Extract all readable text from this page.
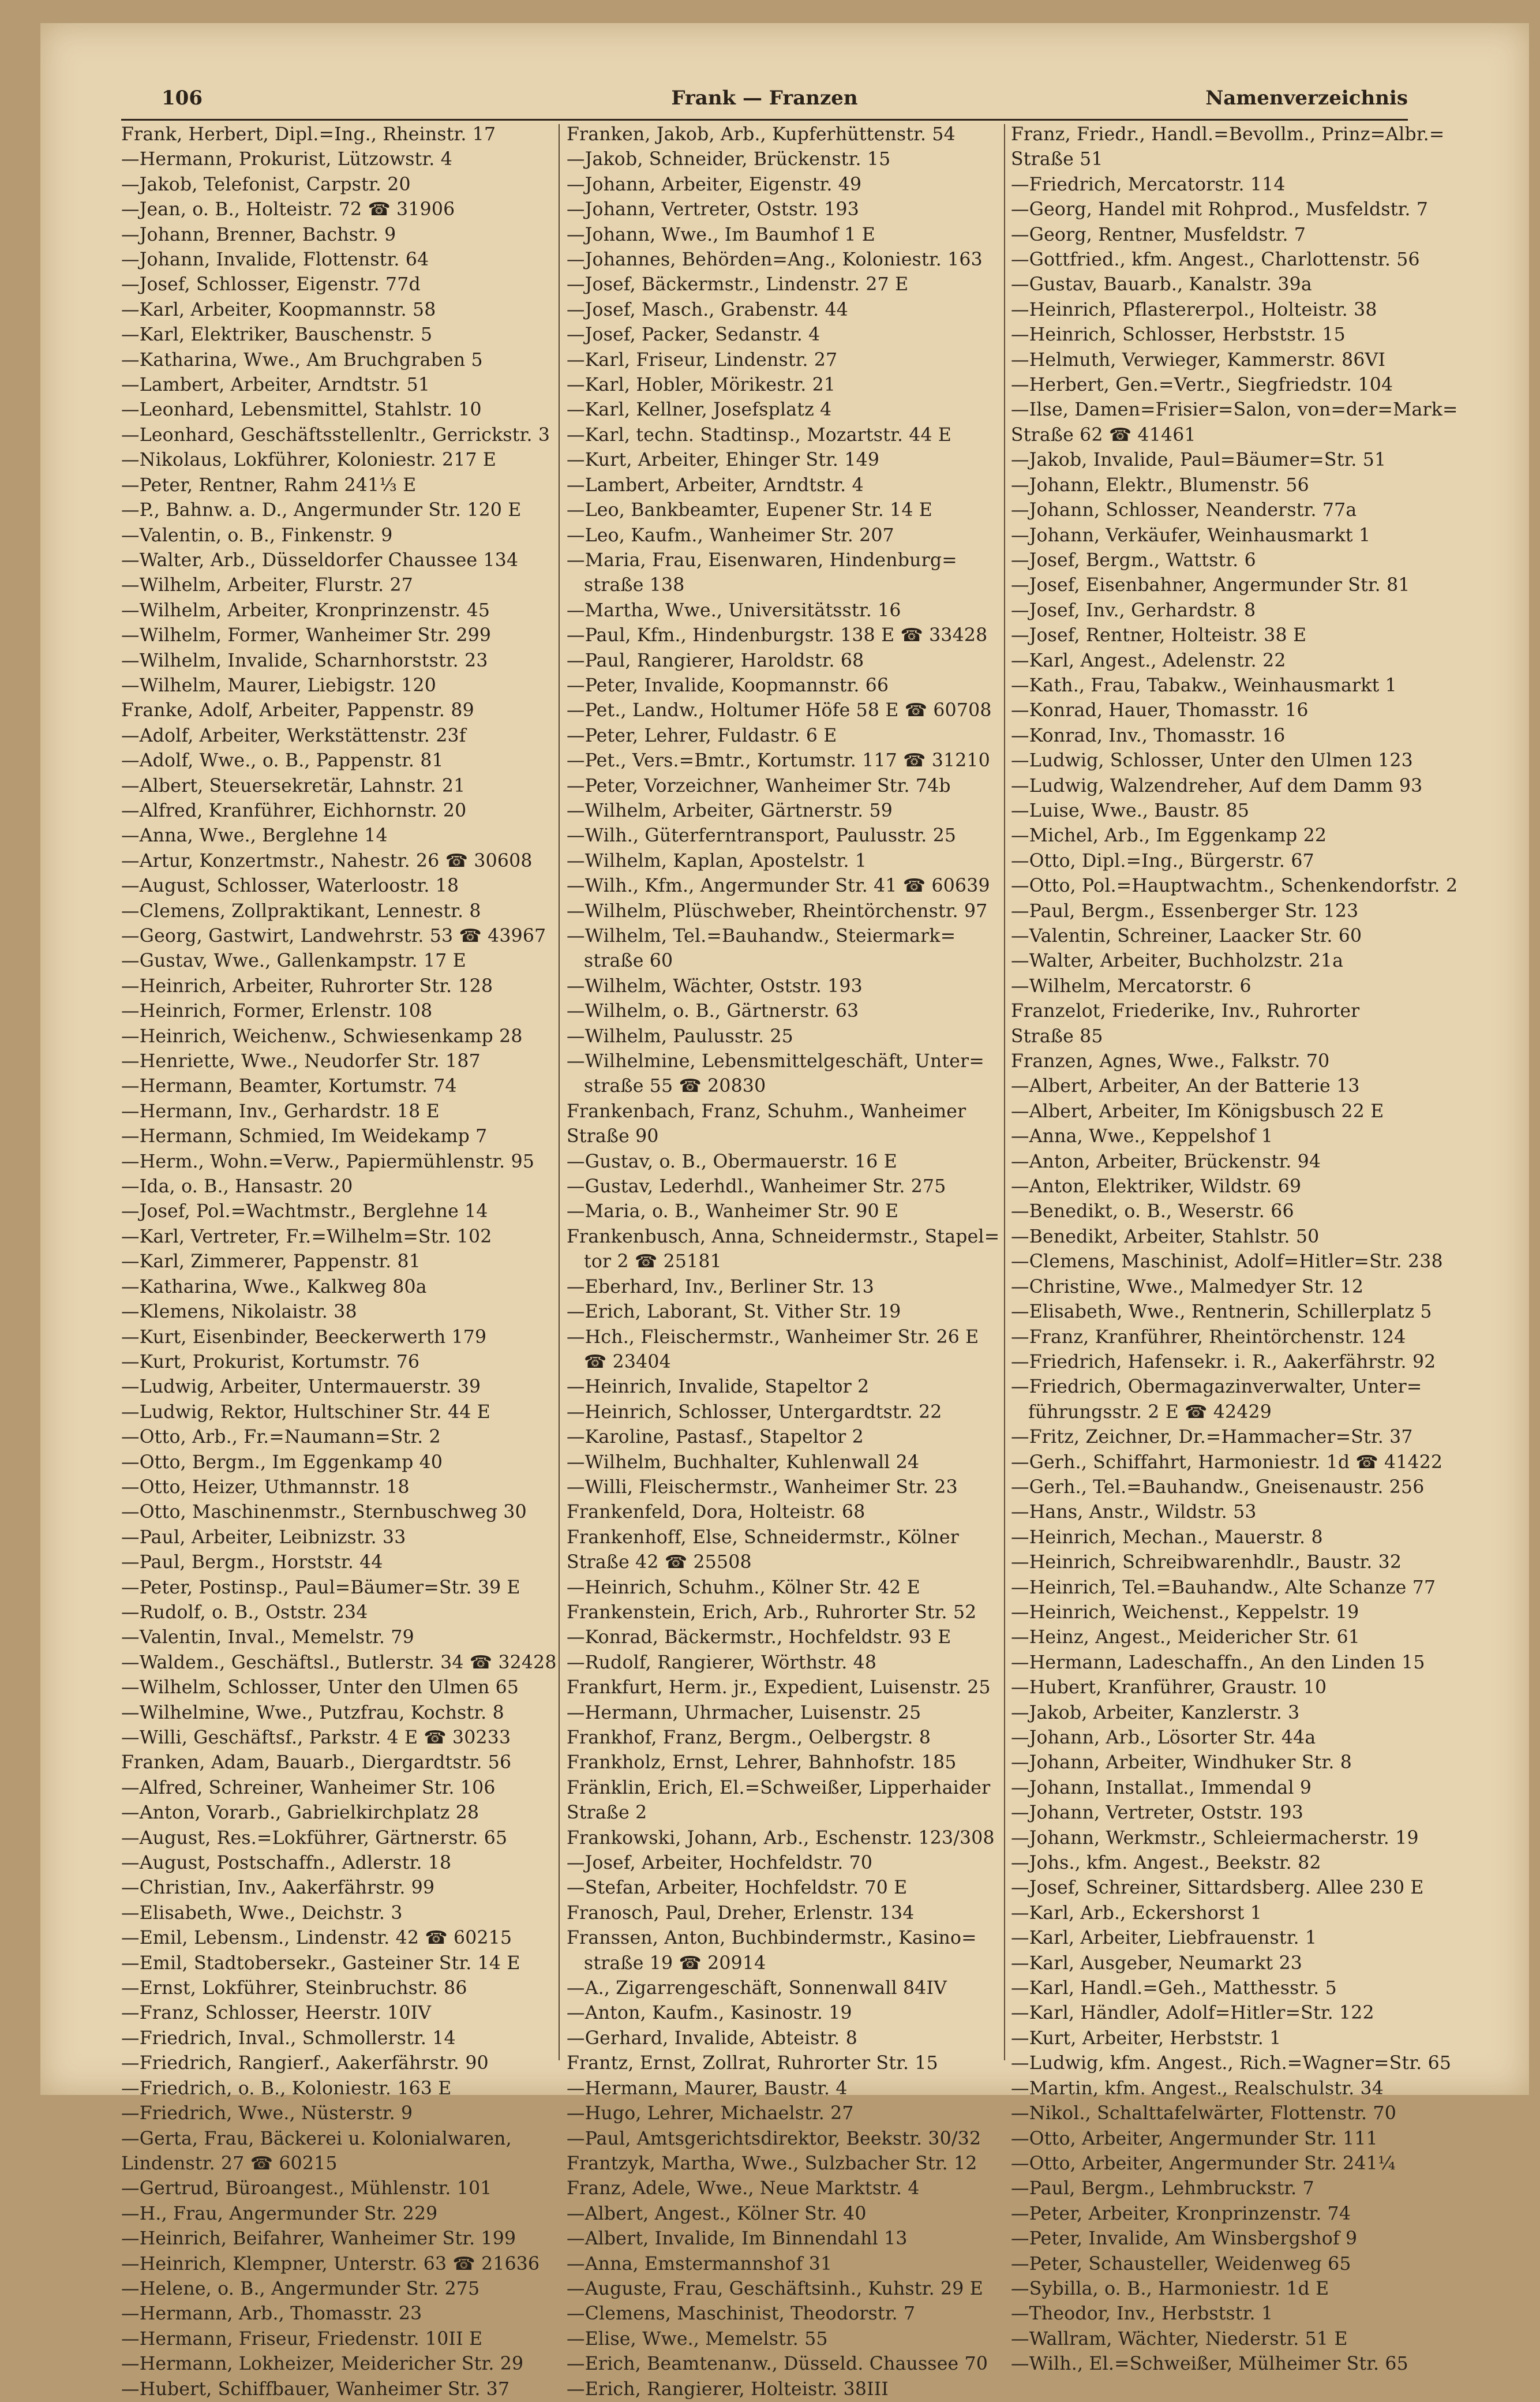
106	Frank — Franzen	Namenverzeichnis
Frank, Herbert, Dipl.=Ing., Rheinstr. 17
—Hermann, Prokurist, Lützowstr. 4
—Jakob, Telefonist, Carpstr. 20
—Jean, o. B., Holteistr. 72 ☎ 31906
—Johann, Brenner, Bachstr. 9
—Johann, Invalide, Flottenstr. 64
—Josef, Schlosser, Eigenstr. 77d
—Karl, Arbeiter, Koopmannstr. 58
—Karl, Elektriker, Bauschenstr. 5
—Katharina, Wwe., Am Bruchgraben 5
—Lambert, Arbeiter, Arndtstr. 51
—Leonhard, Lebensmittel, Stahlstr. 10
—Leonhard, Geschäftsstellenltr., Gerrickstr. 3
—Nikolaus, Lokführer, Koloniestr. 217 E
—Peter, Rentner, Rahm 241⅓ E
—P., Bahnw. a. D., Angermunder Str. 120 E
—Valentin, o. B., Finkenstr. 9
—Walter, Arb., Düsseldorfer Chaussee 134
—Wilhelm, Arbeiter, Flurstr. 27
—Wilhelm, Arbeiter, Kronprinzenstr. 45
—Wilhelm, Former, Wanheimer Str. 299
—Wilhelm, Invalide, Scharnhorststr. 23
—Wilhelm, Maurer, Liebigstr. 120
Franke, Adolf, Arbeiter, Pappenstr. 89
—Adolf, Arbeiter, Werkstättenstr. 23f
—Adolf, Wwe., o. B., Pappenstr. 81
—Albert, Steuersekretär, Lahnstr. 21
—Alfred, Kranführer, Eichhornstr. 20
—Anna, Wwe., Berglehne 14
—Artur, Konzertmstr., Nahestr. 26 ☎ 30608
—August, Schlosser, Waterloostr. 18
—Clemens, Zollpraktikant, Lennestr. 8
—Georg, Gastwirt, Landwehrstr. 53 ☎ 43967
—Gustav, Wwe., Gallenkampstr. 17 E
—Heinrich, Arbeiter, Ruhrorter Str. 128
—Heinrich, Former, Erlenstr. 108
—Heinrich, Weichenw., Schwiesenkamp 28
—Henriette, Wwe., Neudorfer Str. 187
—Hermann, Beamter, Kortumstr. 74
—Hermann, Inv., Gerhardstr. 18 E
—Hermann, Schmied, Im Weidekamp 7
—Herm., Wohn.=Verw., Papiermühlenstr. 95
—Ida, o. B., Hansastr. 20
—Josef, Pol.=Wachtmstr., Berglehne 14
—Karl, Vertreter, Fr.=Wilhelm=Str. 102
—Karl, Zimmerer, Pappenstr. 81
—Katharina, Wwe., Kalkweg 80a
—Klemens, Nikolaistr. 38
—Kurt, Eisenbinder, Beeckerwerth 179
—Kurt, Prokurist, Kortumstr. 76
—Ludwig, Arbeiter, Untermauerstr. 39
—Ludwig, Rektor, Hultschiner Str. 44 E
—Otto, Arb., Fr.=Naumann=Str. 2
—Otto, Bergm., Im Eggenkamp 40
—Otto, Heizer, Uthmannstr. 18
—Otto, Maschinenmstr., Sternbuschweg 30
—Paul, Arbeiter, Leibnizstr. 33
—Paul, Bergm., Horststr. 44
—Peter, Postinsp., Paul=Bäumer=Str. 39 E
—Rudolf, o. B., Oststr. 234
—Valentin, Inval., Memelstr. 79
—Waldem., Geschäftsl., Butlerstr. 34 ☎ 32428
—Wilhelm, Schlosser, Unter den Ulmen 65
—Wilhelmine, Wwe., Putzfrau, Kochstr. 8
—Willi, Geschäftsf., Parkstr. 4 E ☎ 30233
Franken, Adam, Bauarb., Diergardtstr. 56
—Alfred, Schreiner, Wanheimer Str. 106
—Anton, Vorarb., Gabrielkirchplatz 28
—August, Res.=Lokführer, Gärtnerstr. 65
—August, Postschaffn., Adlerstr. 18
—Christian, Inv., Aakerfährstr. 99
—Elisabeth, Wwe., Deichstr. 3
—Emil, Lebensm., Lindenstr. 42 ☎ 60215
—Emil, Stadtobersekr., Gasteiner Str. 14 E
—Ernst, Lokführer, Steinbruchstr. 86
—Franz, Schlosser, Heerstr. 10IV
—Friedrich, Inval., Schmollerstr. 14
—Friedrich, Rangierf., Aakerfährstr. 90
—Friedrich, o. B., Koloniestr. 163 E
—Friedrich, Wwe., Nüsterstr. 9
—Gerta, Frau, Bäckerei u. Kolonialwaren,
Lindenstr. 27 ☎ 60215
—Gertrud, Büroangest., Mühlenstr. 101
—H., Frau, Angermunder Str. 229
—Heinrich, Beifahrer, Wanheimer Str. 199
—Heinrich, Klempner, Unterstr. 63 ☎ 21636
—Helene, o. B., Angermunder Str. 275
—Hermann, Arb., Thomasstr. 23
—Hermann, Friseur, Friedenstr. 10II E
—Hermann, Lokheizer, Meidericher Str. 29
—Hubert, Schiffbauer, Wanheimer Str. 37
Franken, Jakob, Arb., Kupferhüttenstr. 54
—Jakob, Schneider, Brückenstr. 15
—Johann, Arbeiter, Eigenstr. 49
—Johann, Vertreter, Oststr. 193
—Johann, Wwe., Im Baumhof 1 E
—Johannes, Behörden=Ang., Koloniestr. 163
—Josef, Bäckermstr., Lindenstr. 27 E
—Josef, Masch., Grabenstr. 44
—Josef, Packer, Sedanstr. 4
—Karl, Friseur, Lindenstr. 27
—Karl, Hobler, Mörikestr. 21
—Karl, Kellner, Josefsplatz 4
—Karl, techn. Stadtinsp., Mozartstr. 44 E
—Kurt, Arbeiter, Ehinger Str. 149
—Lambert, Arbeiter, Arndtstr. 4
—Leo, Bankbeamter, Eupener Str. 14 E
—Leo, Kaufm., Wanheimer Str. 207
—Maria, Frau, Eisenwaren, Hindenburg=
straße 138
—Martha, Wwe., Universitätsstr. 16
—Paul, Kfm., Hindenburgstr. 138 E ☎ 33428
—Paul, Rangierer, Haroldstr. 68
—Peter, Invalide, Koopmannstr. 66
—Pet., Landw., Holtumer Höfe 58 E ☎ 60708
—Peter, Lehrer, Fuldastr. 6 E
—Pet., Vers.=Bmtr., Kortumstr. 117 ☎ 31210
—Peter, Vorzeichner, Wanheimer Str. 74b
—Wilhelm, Arbeiter, Gärtnerstr. 59
—Wilh., Güterferntransport, Paulusstr. 25
—Wilhelm, Kaplan, Apostelstr. 1
—Wilh., Kfm., Angermunder Str. 41 ☎ 60639
—Wilhelm, Plüschweber, Rheintörchenstr. 97
—Wilhelm, Tel.=Bauhandw., Steiermark=
straße 60
—Wilhelm, Wächter, Oststr. 193
—Wilhelm, o. B., Gärtnerstr. 63
—Wilhelm, Paulusstr. 25
—Wilhelmine, Lebensmittelgeschäft, Unter=
straße 55 ☎ 20830
Frankenbach, Franz, Schuhm., Wanheimer
Straße 90
—Gustav, o. B., Obermauerstr. 16 E
—Gustav, Lederhdl., Wanheimer Str. 275
—Maria, o. B., Wanheimer Str. 90 E
Frankenbusch, Anna, Schneidermstr., Stapel=
tor 2 ☎ 25181
—Eberhard, Inv., Berliner Str. 13
—Erich, Laborant, St. Vither Str. 19
—Hch., Fleischermstr., Wanheimer Str. 26 E
☎ 23404
—Heinrich, Invalide, Stapeltor 2
—Heinrich, Schlosser, Untergardtstr. 22
—Karoline, Pastasf., Stapeltor 2
—Wilhelm, Buchhalter, Kuhlenwall 24
—Willi, Fleischermstr., Wanheimer Str. 23
Frankenfeld, Dora, Holteistr. 68
Frankenhoff, Else, Schneidermstr., Kölner
Straße 42 ☎ 25508
—Heinrich, Schuhm., Kölner Str. 42 E
Frankenstein, Erich, Arb., Ruhrorter Str. 52
—Konrad, Bäckermstr., Hochfeldstr. 93 E
—Rudolf, Rangierer, Wörthstr. 48
Frankfurt, Herm. jr., Expedient, Luisenstr. 25
—Hermann, Uhrmacher, Luisenstr. 25
Frankhof, Franz, Bergm., Oelbergstr. 8
Frankholz, Ernst, Lehrer, Bahnhofstr. 185
Fränklin, Erich, El.=Schweißer, Lipperhaider
Straße 2
Frankowski, Johann, Arb., Eschenstr. 123/308
—Josef, Arbeiter, Hochfeldstr. 70
—Stefan, Arbeiter, Hochfeldstr. 70 E
Franosch, Paul, Dreher, Erlenstr. 134
Franssen, Anton, Buchbindermstr., Kasino=
straße 19 ☎ 20914
—A., Zigarrengeschäft, Sonnenwall 84IV
—Anton, Kaufm., Kasinostr. 19
—Gerhard, Invalide, Abteistr. 8
Frantz, Ernst, Zollrat, Ruhrorter Str. 15
—Hermann, Maurer, Baustr. 4
—Hugo, Lehrer, Michaelstr. 27
—Paul, Amtsgerichtsdirektor, Beekstr. 30/32
Frantzyk, Martha, Wwe., Sulzbacher Str. 12
Franz, Adele, Wwe., Neue Marktstr. 4
—Albert, Angest., Kölner Str. 40
—Albert, Invalide, Im Binnendahl 13
—Anna, Emstermannshof 31
—Auguste, Frau, Geschäftsinh., Kuhstr. 29 E
—Clemens, Maschinist, Theodorstr. 7
—Elise, Wwe., Memelstr. 55
—Erich, Beamtenanw., Düsseld. Chaussee 70
—Erich, Rangierer, Holteistr. 38III
Franz, Friedr., Handl.=Bevollm., Prinz=Albr.=
Straße 51
—Friedrich, Mercatorstr. 114
—Georg, Handel mit Rohprod., Musfeldstr. 7
—Georg, Rentner, Musfeldstr. 7
—Gottfried., kfm. Angest., Charlottenstr. 56
—Gustav, Bauarb., Kanalstr. 39a
—Heinrich, Pflastererpol., Holteistr. 38
—Heinrich, Schlosser, Herbststr. 15
—Helmuth, Verwieger, Kammerstr. 86VI
—Herbert, Gen.=Vertr., Siegfriedstr. 104
—Ilse, Damen=Frisier=Salon, von=der=Mark=
Straße 62 ☎ 41461
—Jakob, Invalide, Paul=Bäumer=Str. 51
—Johann, Elektr., Blumenstr. 56
—Johann, Schlosser, Neanderstr. 77a
—Johann, Verkäufer, Weinhausmarkt 1
—Josef, Bergm., Wattstr. 6
—Josef, Eisenbahner, Angermunder Str. 81
—Josef, Inv., Gerhardstr. 8
—Josef, Rentner, Holteistr. 38 E
—Karl, Angest., Adelenstr. 22
—Kath., Frau, Tabakw., Weinhausmarkt 1
—Konrad, Hauer, Thomasstr. 16
—Konrad, Inv., Thomasstr. 16
—Ludwig, Schlosser, Unter den Ulmen 123
—Ludwig, Walzendreher, Auf dem Damm 93
—Luise, Wwe., Baustr. 85
—Michel, Arb., Im Eggenkamp 22
—Otto, Dipl.=Ing., Bürgerstr. 67
—Otto, Pol.=Hauptwachtm., Schenkendorfstr. 2
—Paul, Bergm., Essenberger Str. 123
—Valentin, Schreiner, Laacker Str. 60
—Walter, Arbeiter, Buchholzstr. 21a
—Wilhelm, Mercatorstr. 6
Franzelot, Friederike, Inv., Ruhrorter
Straße 85
Franzen, Agnes, Wwe., Falkstr. 70
—Albert, Arbeiter, An der Batterie 13
—Albert, Arbeiter, Im Königsbusch 22 E
—Anna, Wwe., Keppelshof 1
—Anton, Arbeiter, Brückenstr. 94
—Anton, Elektriker, Wildstr. 69
—Benedikt, o. B., Weserstr. 66
—Benedikt, Arbeiter, Stahlstr. 50
—Clemens, Maschinist, Adolf=Hitler=Str. 238
—Christine, Wwe., Malmedyer Str. 12
—Elisabeth, Wwe., Rentnerin, Schillerplatz 5
—Franz, Kranführer, Rheintörchenstr. 124
—Friedrich, Hafensekr. i. R., Aakerfährstr. 92
—Friedrich, Obermagazinverwalter, Unter=
führungsstr. 2 E ☎ 42429
—Fritz, Zeichner, Dr.=Hammacher=Str. 37
—Gerh., Schiffahrt, Harmoniestr. 1d ☎ 41422
—Gerh., Tel.=Bauhandw., Gneisenaustr. 256
—Hans, Anstr., Wildstr. 53
—Heinrich, Mechan., Mauerstr. 8
—Heinrich, Schreibwarenhdlr., Baustr. 32
—Heinrich, Tel.=Bauhandw., Alte Schanze 77
—Heinrich, Weichenst., Keppelstr. 19
—Heinz, Angest., Meidericher Str. 61
—Hermann, Ladeschaffn., An den Linden 15
—Hubert, Kranführer, Graustr. 10
—Jakob, Arbeiter, Kanzlerstr. 3
—Johann, Arb., Lösorter Str. 44a
—Johann, Arbeiter, Windhuker Str. 8
—Johann, Installat., Immendal 9
—Johann, Vertreter, Oststr. 193
—Johann, Werkmstr., Schleiermacherstr. 19
—Johs., kfm. Angest., Beekstr. 82
—Josef, Schreiner, Sittardsberg. Allee 230 E
—Karl, Arb., Eckershorst 1
—Karl, Arbeiter, Liebfrauenstr. 1
—Karl, Ausgeber, Neumarkt 23
—Karl, Handl.=Geh., Matthesstr. 5
—Karl, Händler, Adolf=Hitler=Str. 122
—Kurt, Arbeiter, Herbststr. 1
—Ludwig, kfm. Angest., Rich.=Wagner=Str. 65
—Martin, kfm. Angest., Realschulstr. 34
—Nikol., Schalttafelwärter, Flottenstr. 70
—Otto, Arbeiter, Angermunder Str. 111
—Otto, Arbeiter, Angermunder Str. 241¼
—Paul, Bergm., Lehmbruckstr. 7
—Peter, Arbeiter, Kronprinzenstr. 74
—Peter, Invalide, Am Winsbergshof 9
—Peter, Schausteller, Weidenweg 65
—Sybilla, o. B., Harmoniestr. 1d E
—Theodor, Inv., Herbststr. 1
—Wallram, Wächter, Niederstr. 51 E
—Wilh., El.=Schweißer, Mülheimer Str. 65
